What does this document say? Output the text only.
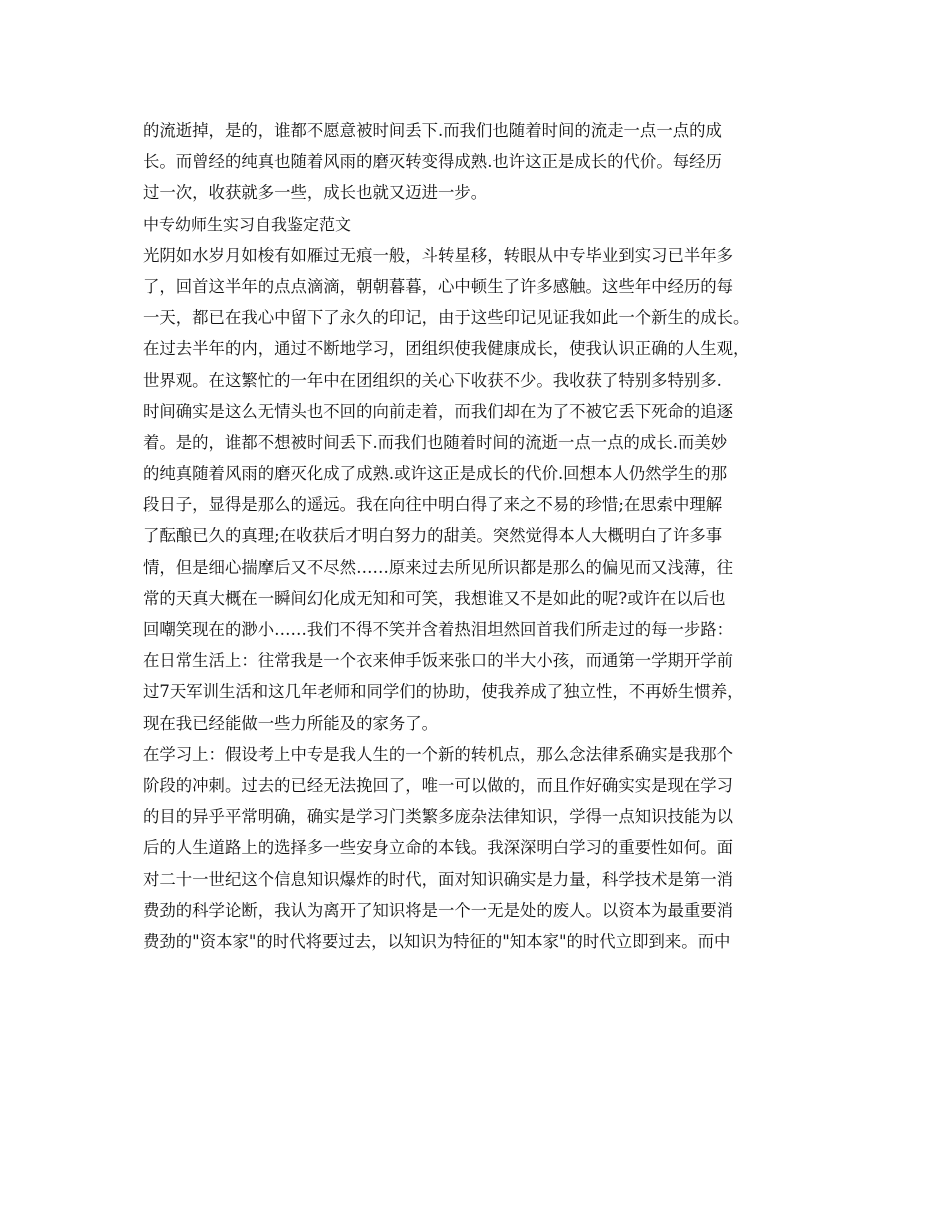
的流逝掉，是的，谁都不愿意被时间丢下.而我们也随着时间的流走一点一点的成
长。而曾经的纯真也随着风雨的磨灭转变得成熟.也许这正是成长的代价。每经历
过一次，收获就多一些，成长也就又迈进一步。
中专幼师生实习自我鉴定范文
光阴如水岁月如梭有如雁过无痕一般，斗转星移，转眼从中专毕业到实习已半年多
了，回首这半年的点点滴滴，朝朝暮暮，心中顿生了许多感触。这些年中经历的每
一天，都已在我心中留下了永久的印记，由于这些印记见证我如此一个新生的成长。
在过去半年的内，通过不断地学习，团组织使我健康成长，使我认识正确的人生观，
世界观。在这繁忙的一年中在团组织的关心下收获不少。我收获了特别多特别多.
时间确实是这么无情头也不回的向前走着，而我们却在为了不被它丢下死命的追逐
着。是的，谁都不想被时间丢下.而我们也随着时间的流逝一点一点的成长.而美妙
的纯真随着风雨的磨灭化成了成熟.或许这正是成长的代价.回想本人仍然学生的那
段日子，显得是那么的遥远。我在向往中明白得了来之不易的珍惜;在思索中理解
了酝酿已久的真理;在收获后才明白努力的甜美。突然觉得本人大概明白了许多事
情，但是细心揣摩后又不尽然……原来过去所见所识都是那么的偏见而又浅薄，往
常的天真大概在一瞬间幻化成无知和可笑，我想谁又不是如此的呢?或许在以后也
回嘲笑现在的渺小……我们不得不笑并含着热泪坦然回首我们所走过的每一步路：
在日常生活上：往常我是一个衣来伸手饭来张口的半大小孩，而通第一学期开学前
过7天军训生活和这几年老师和同学们的协助，使我养成了独立性，不再娇生惯养，
现在我已经能做一些力所能及的家务了。
在学习上：假设考上中专是我人生的一个新的转机点，那么念法律系确实是我那个
阶段的冲刺。过去的已经无法挽回了，唯一可以做的，而且作好确实实是现在学习
的目的异乎平常明确，确实是学习门类繁多庞杂法律知识，学得一点知识技能为以
后的人生道路上的选择多一些安身立命的本钱。我深深明白学习的重要性如何。面
对二十一世纪这个信息知识爆炸的时代，面对知识确实是力量，科学技术是第一消
费劲的科学论断，我认为离开了知识将是一个一无是处的废人。以资本为最重要消
费劲的"资本家"的时代将要过去，以知识为特征的"知本家"的时代立即到来。而中
